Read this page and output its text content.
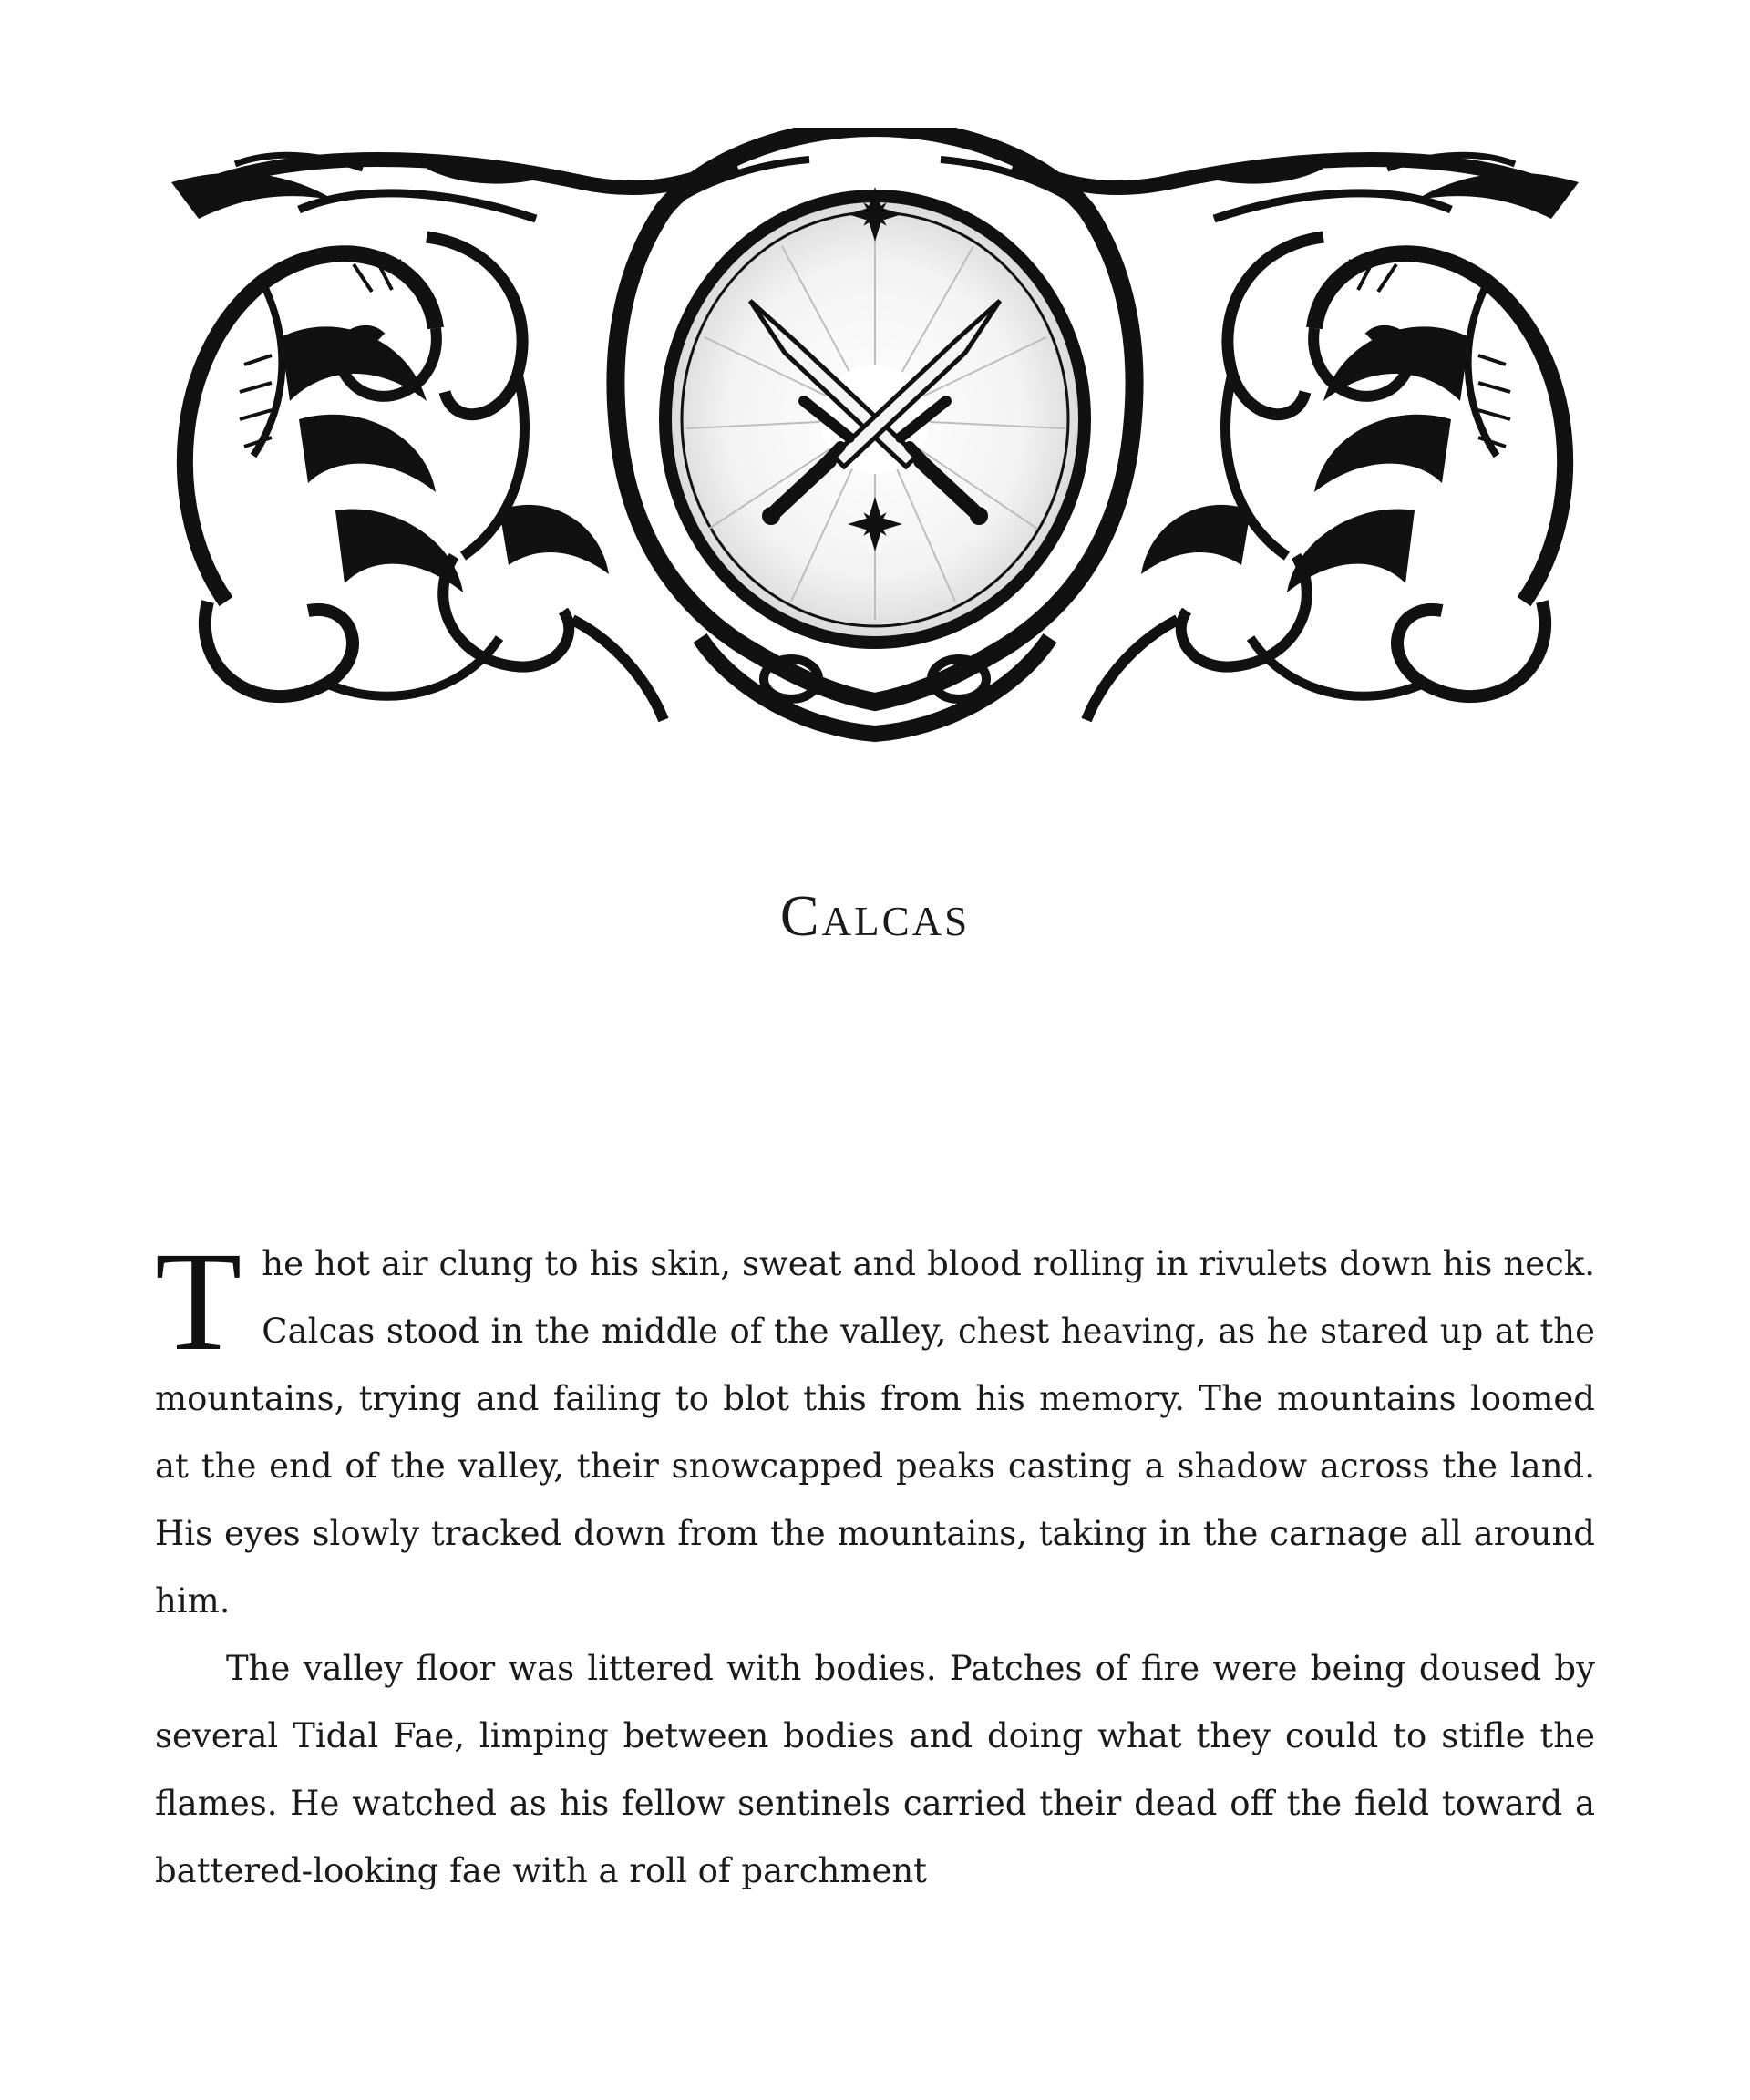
Calcas

The hot air clung to his skin, sweat and blood rolling in rivulets down his neck. Calcas stood in the middle of the valley, chest heaving, as he stared up at the mountains, trying and failing to blot this from his memory. The mountains loomed at the end of the valley, their snowcapped peaks casting a shadow across the land. His eyes slowly tracked down from the mountains, taking in the carnage all around him.

The valley floor was littered with bodies. Patches of fire were being doused by several Tidal Fae, limping between bodies and doing what they could to stifle the flames. He watched as his fellow sentinels carried their dead off the field toward a battered-looking fae with a roll of parchment
